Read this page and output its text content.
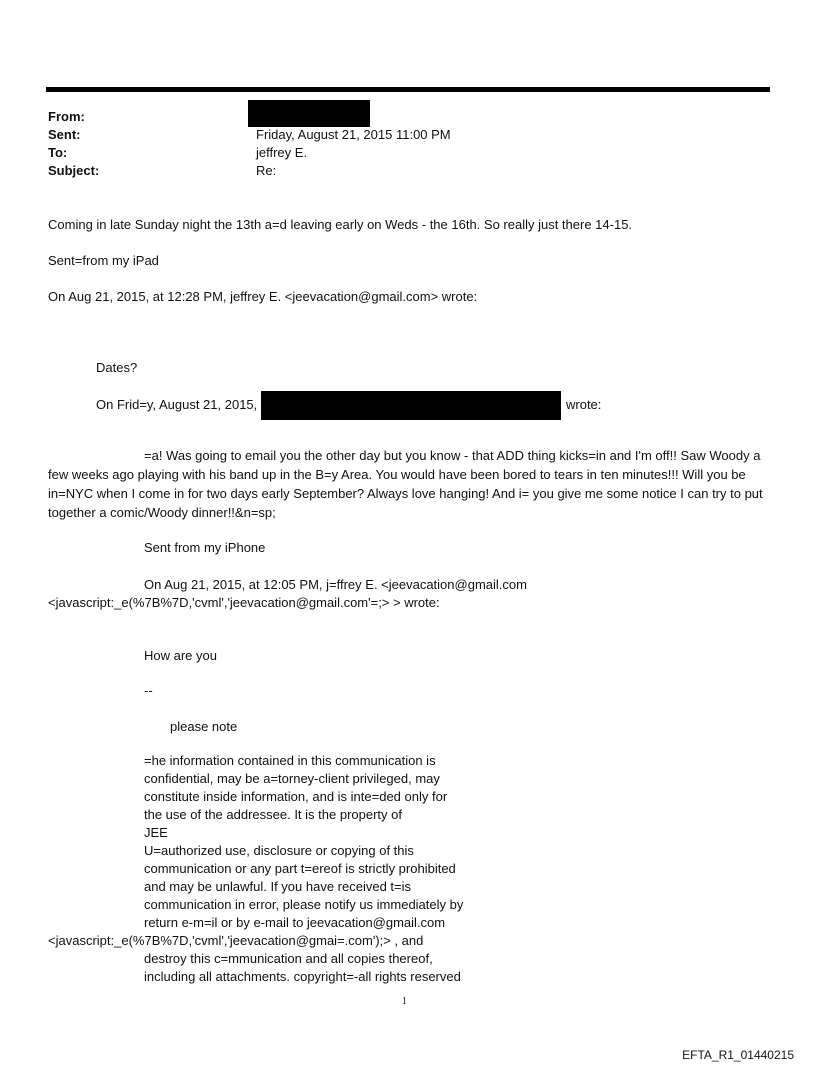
From:
Sent:
To:
Subject:
Friday, August 21, 2015 11:00 PM
jeffrey E.
Re:
Coming in late Sunday night the 13th a=d leaving early on Weds - the 16th. So really just there 14-15.
Sent=from my iPad
On Aug 21, 2015, at 12:28 PM, jeffrey E. <jeevacation@gmail.com> wrote:
Dates?
On Frid=y, August 21, 2015,	wrote:
=a! Was going to email you the other day but you know - that ADD thing kicks=in and I'm off!! Saw Woody a few weeks ago playing with his band up in the B=y Area. You would have been bored to tears in ten minutes!!! Will you be in=NYC when I come in for two days early September? Always love hanging! And i= you give me some notice I can try to put together a comic/Woody dinner!!&n=sp;
Sent from my iPhone
On Aug 21, 2015, at 12:05 PM, j=ffrey E. <jeevacation@gmail.com
<javascript:_e(%7B%7D,'cvml','jeevacation@gmail.com'=;> > wrote:
How are you
--
please note
=he information contained in this communication is
confidential, may be a=torney-client privileged, may
constitute inside information, and is inte=ded only for
the use of the addressee. It is the property of
JEE
U=authorized use, disclosure or copying of this
communication or any part t=ereof is strictly prohibited
and may be unlawful. If you have received t=is
communication in error, please notify us immediately by
return e-m=il or by e-mail to jeevacation@gmail.com
<javascript:_e(%7B%7D,'cvml','jeevacation@gmai=.com');> , and
destroy this c=mmunication and all copies thereof,
including all attachments. copyright=-all rights reserved
1
EFTA_R1_01440215
